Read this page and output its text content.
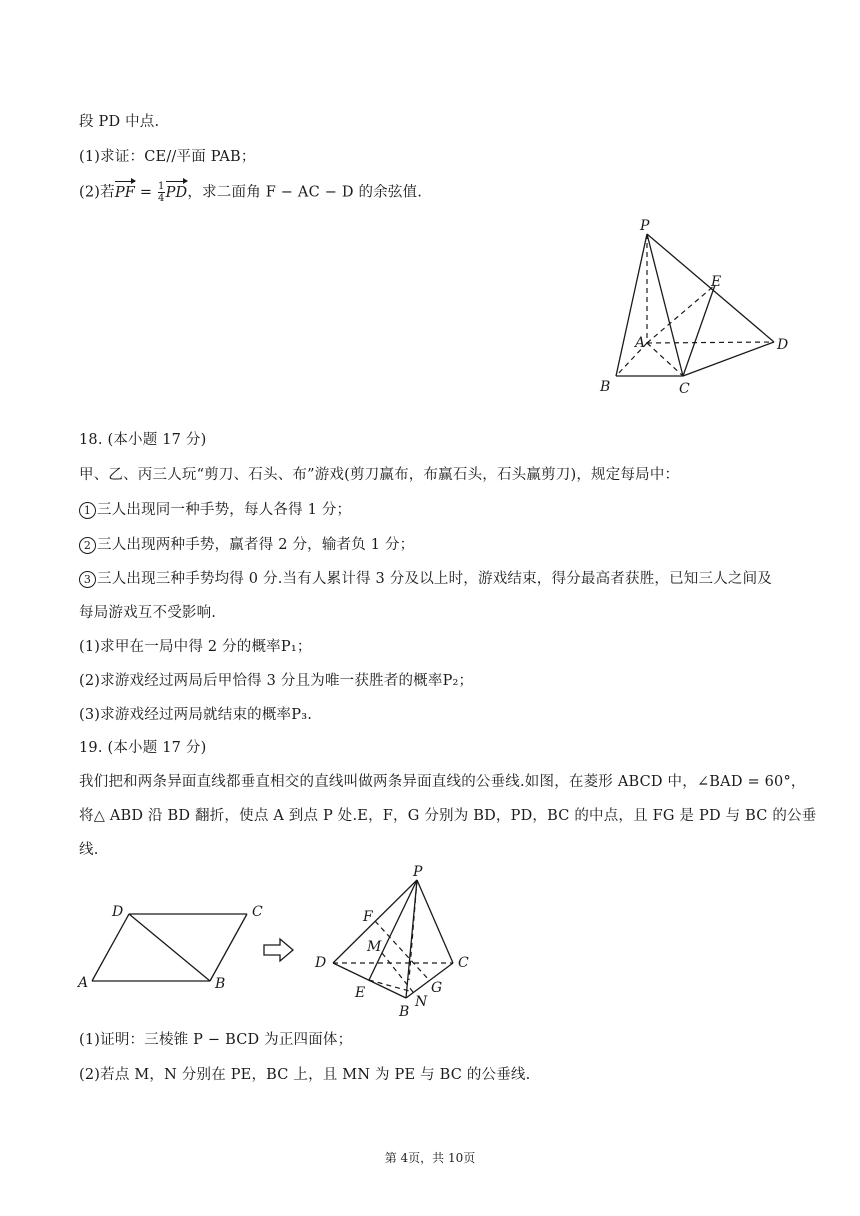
段 PD 中点.
(1)求证：CE//平面 PAB；
(2)若PF = $\frac{1}{4}$ PD，求二面角 F − AC − D 的余弦值.
P
E
A	D
B	C
18. (本小题 17 分)
甲、乙、丙三人玩“剪刀、石头、布”游戏(剪刀赢布，布赢石头，石头赢剪刀)，规定每局中：
1 三人出现同一种手势，每人各得 1 分；
2 三人出现两种手势，赢者得 2 分，输者负 1 分；
3 三人出现三种手势均得 0 分.当有人累计得 3 分及以上时，游戏结束，得分最高者获胜，已知三人之间及
每局游戏互不受影响.
(1)求甲在一局中得 2 分的概率P₁；
(2)求游戏经过两局后甲恰得 3 分且为唯一获胜者的概率P₂；
(3)求游戏经过两局就结束的概率P₃.
19. (本小题 17 分)
我们把和两条异面直线都垂直相交的直线叫做两条异面直线的公垂线.如图，在菱形 ABCD 中，∠BAD = 60°，
将△ ABD 沿 BD 翻折，使点 A 到点 P 处.E，F，G 分别为 BD，PD，BC 的中点，且 FG 是 PD 与 BC 的公垂
线.
D	C
A	B
P
F
M
D	C
E	G
N
B
(1)证明：三棱锥 P − BCD 为正四面体；
(2)若点 M，N 分别在 PE，BC 上，且 MN 为 PE 与 BC 的公垂线.
第 4页，共 10页
